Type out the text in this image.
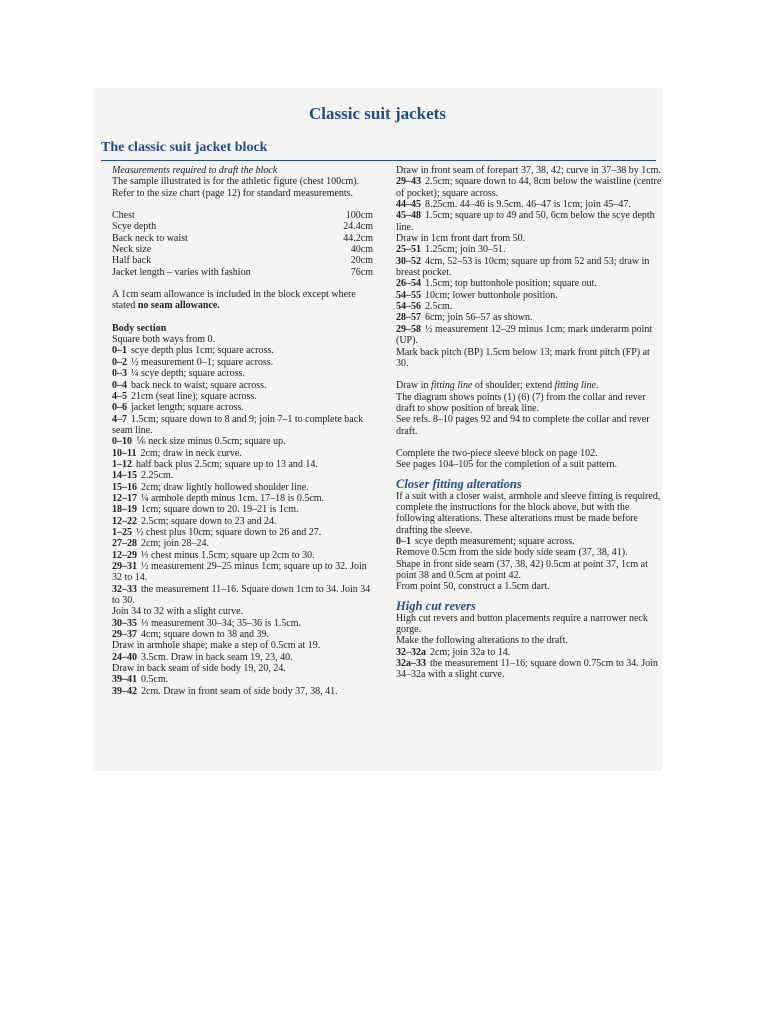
Classic suit jackets
The classic suit jacket block

Measurements required to draft the block

The sample illustrated is for the athletic figure (chest 100cm). Refer to the size chart (page 12) for standard measurements.

Chest	100cm
Scye depth	24.4cm
Back neck to waist	44.2cm
Neck size	40cm
Half back	20cm
Jacket length – varies with fashion	76cm

A 1cm seam allowance is included in the block except where stated no seam allowance.

Body section

Square both ways from 0.

0–1 scye depth plus 1cm; square across.

0–2 ½ measurement 0–1; square across.

0–3 ¼ scye depth; square across.

0–4 back neck to waist; square across.

4–5 21cm (seat line); square across.

0–6 jacket length; square across.

4–7 1.5cm; square down to 8 and 9; join 7–1 to complete back seam line.

0–10 ⅙ neck size minus 0.5cm; square up.

10–11 2cm; draw in neck curve.

1–12 half back plus 2.5cm; square up to 13 and 14.

14–15 2.25cm.

15–16 2cm; draw lightly hollowed shoulder line.

12–17 ¼ armhole depth minus 1cm. 17–18 is 0.5cm.

18–19 1cm; square down to 20. 19–21 is 1cm.

12–22 2.5cm; square down to 23 and 24.

1–25 ½ chest plus 10cm; square down to 26 and 27.

27–28 2cm; join 28–24.

12–29 ⅓ chest minus 1.5cm; square up 2cm to 30.

29–31 ½ measurement 29–25 minus 1cm; square up to 32. Join 32 to 14.

32–33 the measurement 11–16. Square down 1cm to 34. Join 34 to 30.

Join 34 to 32 with a slight curve.

30–35 ⅓ measurement 30–34; 35–36 is 1.5cm.

29–37 4cm; square down to 38 and 39.

Draw in armhole shape; make a step of 0.5cm at 19.

24–40 3.5cm. Draw in back seam 19, 23, 40.

Draw in back seam of side body 19, 20, 24.

39–41 0.5cm.

39–42 2cm. Draw in front seam of side body 37, 38, 41.

Draw in front seam of forepart 37, 38, 42; curve in 37–38 by 1cm.

29–43 2.5cm; square down to 44, 8cm below the waistline (centre of pocket); square across.

44–45 8.25cm. 44–46 is 9.5cm. 46–47 is 1cm; join 45–47.

45–48 1.5cm; square up to 49 and 50, 6cm below the scye depth line.

Draw in 1cm front dart from 50.

25–51 1.25cm; join 30–51.

30–52 4cm, 52–53 is 10cm; square up from 52 and 53; draw in breast pocket.

26–54 1.5cm; top buttonhole position; square out.

54–55 10cm; lower buttonhole position.

54–56 2.5cm.

28–57 6cm; join 56–57 as shown.

29–58 ½ measurement 12–29 minus 1cm; mark underarm point (UP).

Mark back pitch (BP) 1.5cm below 13; mark front pitch (FP) at 30.

Draw in fitting line of shoulder; extend fitting line.

The diagram shows points (1) (6) (7) from the collar and rever draft to show position of break line.

See refs. 8–10 pages 92 and 94 to complete the collar and rever draft.

Complete the two-piece sleeve block on page 102.

See pages 104–105 for the completion of a suit pattern.

Closer fitting alterations

If a suit with a closer waist, armhole and sleeve fitting is required, complete the instructions for the block above, but with the following alterations. These alterations must be made before drafting the sleeve.

0–1 scye depth measurement; square across.

Remove 0.5cm from the side body side seam (37, 38, 41).

Shape in front side seam (37, 38, 42) 0.5cm at point 37, 1cm at point 38 and 0.5cm at point 42.

From point 50, construct a 1.5cm dart.

High cut revers

High cut revers and button placements require a narrower neck gorge.

Make the following alterations to the draft.

32–32a 2cm; join 32a to 14.

32a–33 the measurement 11–16; square down 0.75cm to 34. Join 34–32a with a slight curve.
